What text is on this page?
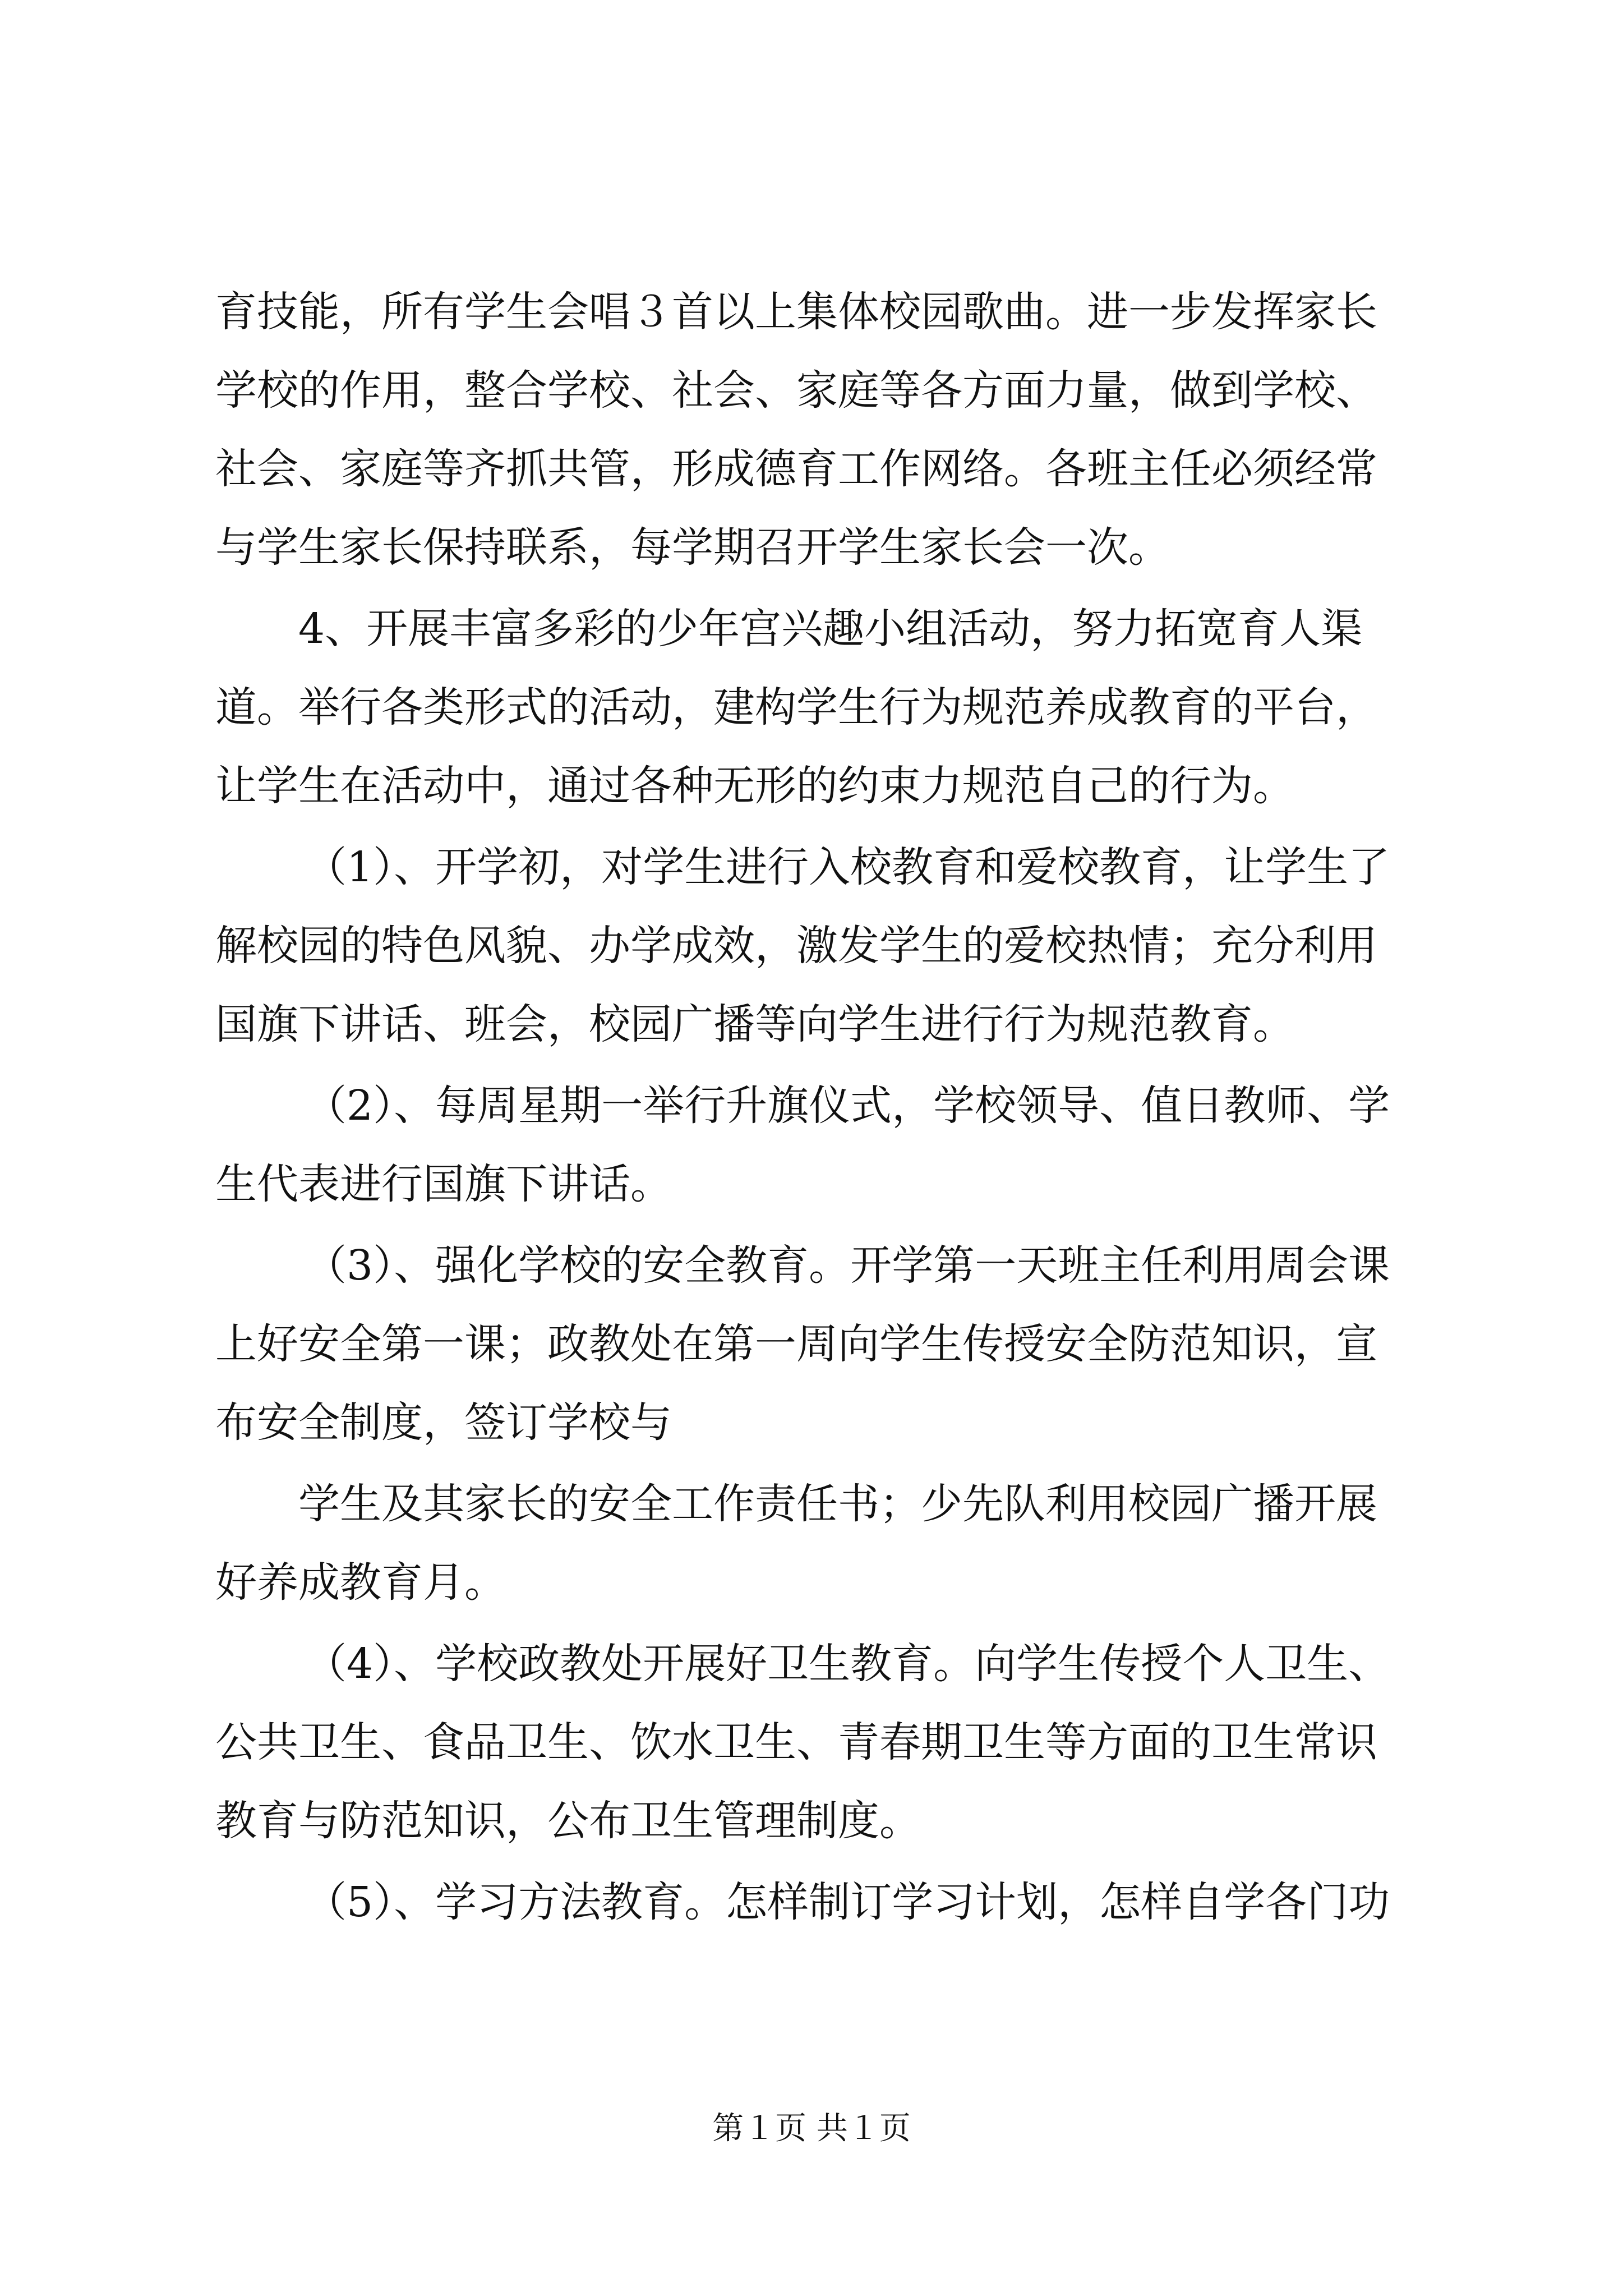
育技能，所有学生会唱３首以上集体校园歌曲。进一步发挥家长
学校的作用，整合学校、社会、家庭等各方面力量，做到学校、
社会、家庭等齐抓共管，形成德育工作网络。各班主任必须经常
与学生家长保持联系，每学期召开学生家长会一次。
4、开展丰富多彩的少年宫兴趣小组活动，努力拓宽育人渠
道。举行各类形式的活动，建构学生行为规范养成教育的平台，
让学生在活动中，通过各种无形的约束力规范自己的行为。
（1）、开学初，对学生进行入校教育和爱校教育，让学生了
解校园的特色风貌、办学成效，激发学生的爱校热情；充分利用
国旗下讲话、班会，校园广播等向学生进行行为规范教育。
（2）、每周星期一举行升旗仪式，学校领导、值日教师、学
生代表进行国旗下讲话。
（3）、强化学校的安全教育。开学第一天班主任利用周会课
上好安全第一课；政教处在第一周向学生传授安全防范知识，宣
布安全制度，签订学校与
学生及其家长的安全工作责任书；少先队利用校园广播开展
好养成教育月。
（4）、学校政教处开展好卫生教育。向学生传授个人卫生、
公共卫生、食品卫生、饮水卫生、青春期卫生等方面的卫生常识
教育与防范知识，公布卫生管理制度。
（5）、学习方法教育。怎样制订学习计划，怎样自学各门功
第１页 共１页
